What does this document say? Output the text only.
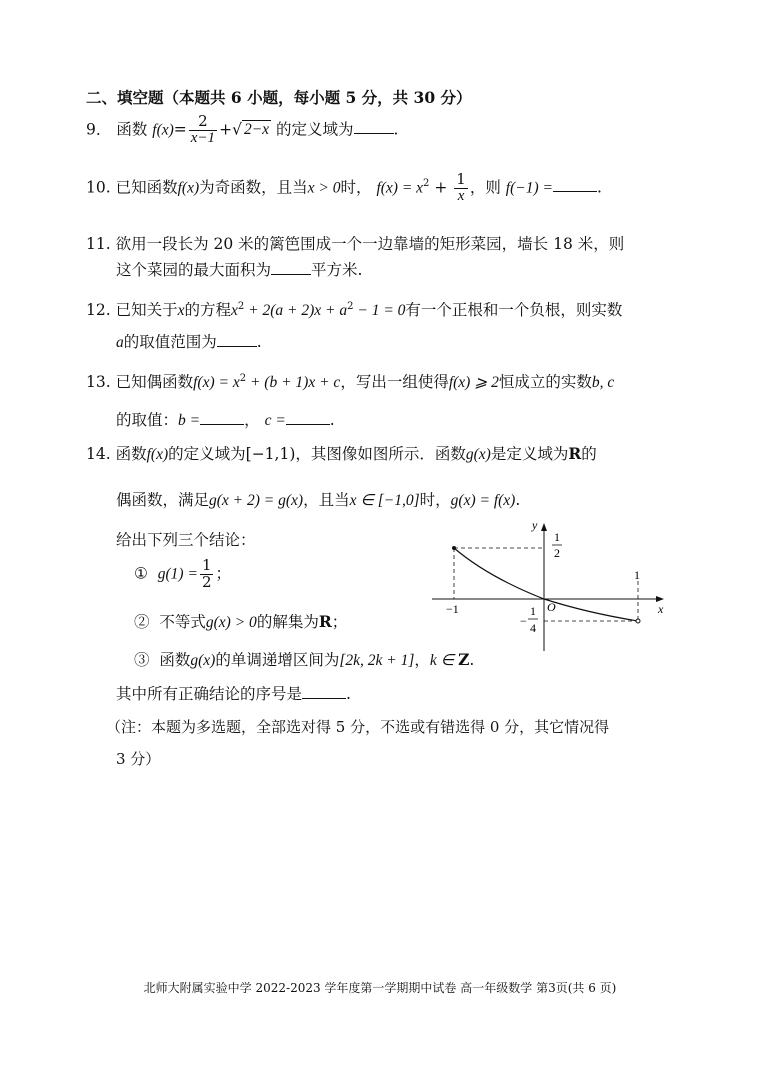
二、填空题（本题共 6 小题，每小题 5 分，共 30 分）
9． 函数 $f(x)= \frac{2}{x-1}$ +√ 2−x 的定义域为	.
10. 已知函数f(x)为奇函数，且当x > 0时， $f(x) = x^2 + \frac{1}{x}$ ，则 f(−1) =	.
11. 欲用一段长为 20 米的篱笆围成一个一边靠墙的矩形菜园，墙长 18 米，则
这个菜园的最大面积为	平方米.
12. 已知关于x的方程$x^2 + 2(a + 2)x + a^2 - 1 = 0$有一个正根和一个负根，则实数
a的取值范围为	.
13. 已知偶函数$f(x) = x^2 + (b + 1)x + c$，写出一组使得f(x) ⩾ 2恒成立的实数b, c
的取值：b =	， c =	.
14. 函数f(x)的定义域为[−1,1)，其图像如图所示．函数g(x)是定义域为R的
偶函数，满足g(x + 2) = g(x)，且当x ∈ [−1,0]时，g(x) = f(x).
给出下列三个结论：
① $g(1) = \frac{1}{2}$ ；
② 不等式g(x) > 0的解集为R；
③ 函数g(x)的单调递增区间为[2k, 2k + 1]，k ∈ Z.
其中所有正确结论的序号是	.
（注：本题为多选题，全部选对得 5 分，不选或有错选得 0 分，其它情况得
3 分）
y
x
O
1
2
−
1
4
−1
1
北师大附属实验中学 2022-2023 学年度第一学期期中试卷 高一年级数学 第3页(共 6 页)
